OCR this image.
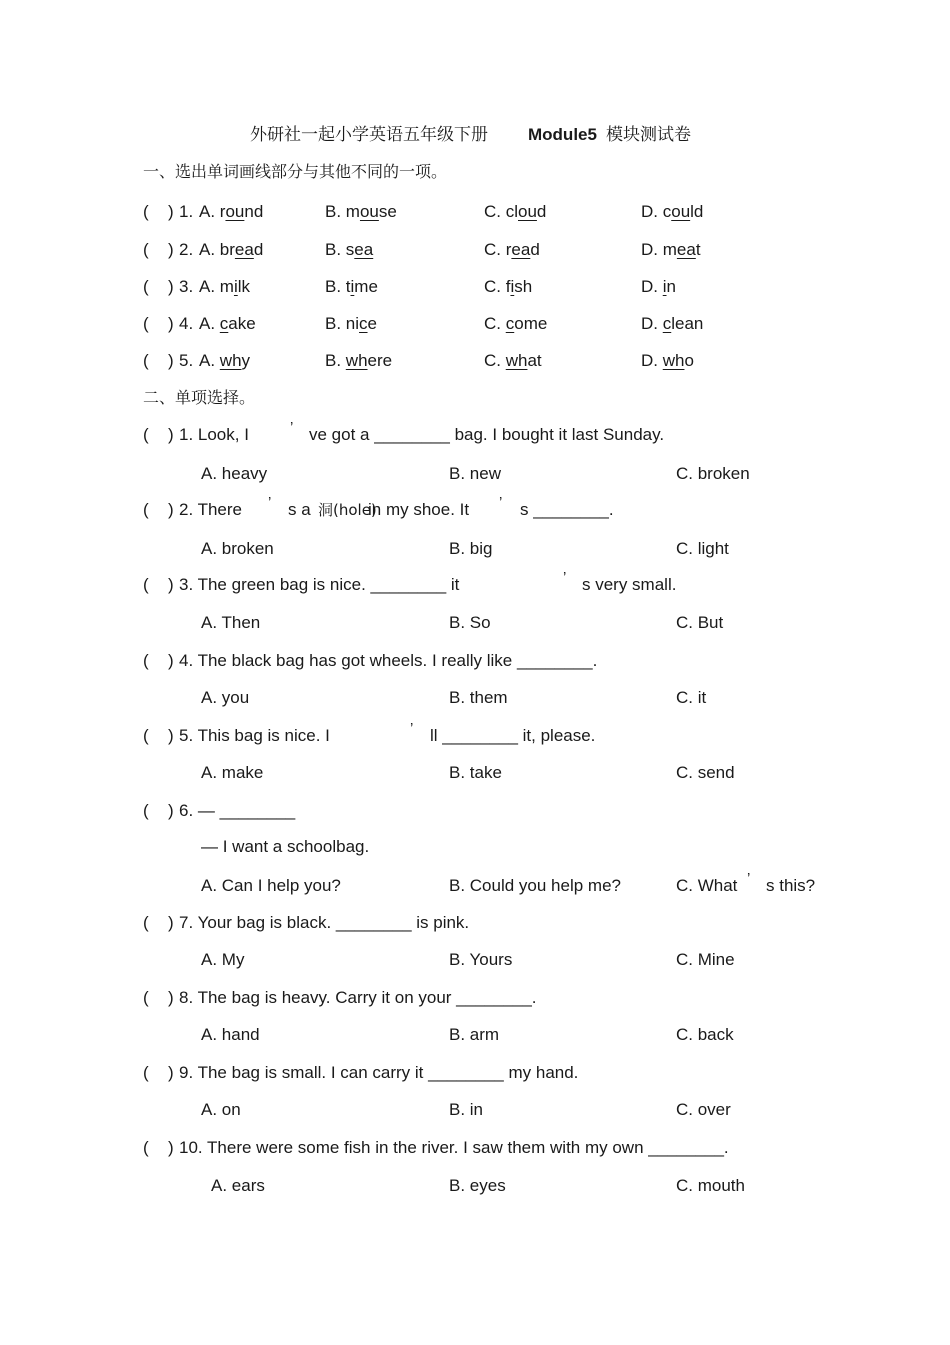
外研社一起小学英语五年级下册 Module5 模块测试卷
一、选出单词画线部分与其他不同的一项。
( ) 1. A. round	B. mouse	C. cloud	D. could
( ) 2. A. bread	B. sea	C. read	D. meat
( ) 3. A. milk	B. time	C. fish	D. in
( ) 4. A. cake	B. nice	C. come	D. clean
( ) 5. A. why	B. where	C. what	D. who
二、单项选择。
( ) 1. Look, I	’ ve got a ________ bag. I bought it last Sunday.
A. heavy	B. new	C. broken
( ) 2. There ’ s a 洞(hole)
in my shoe. It ’ s ________.
A. broken	B. big	C. light
( ) 3. The green bag is nice. ________ it	’ s very small.
A. Then	B. So	C. But
( ) 4. The black bag has got wheels. I really like ________.
A. you	B. them	C. it
( ) 5. This bag is nice. I	’ ll ________ it, please.
A. make	B. take	C. send
( ) 6. — ________
— I want a schoolbag.
A. Can I help you?	B. Could you help me?	C. What ’ s this?
( ) 7. Your bag is black. ________ is pink.
A. My	B. Yours	C. Mine
( ) 8. The bag is heavy. Carry it on your ________.
A. hand	B. arm	C. back
( ) 9. The bag is small. I can carry it ________ my hand.
A. on	B. in	C. over
( ) 10. There were some fish in the river. I saw them with my own ________.
A. ears	B. eyes	C. mouth
